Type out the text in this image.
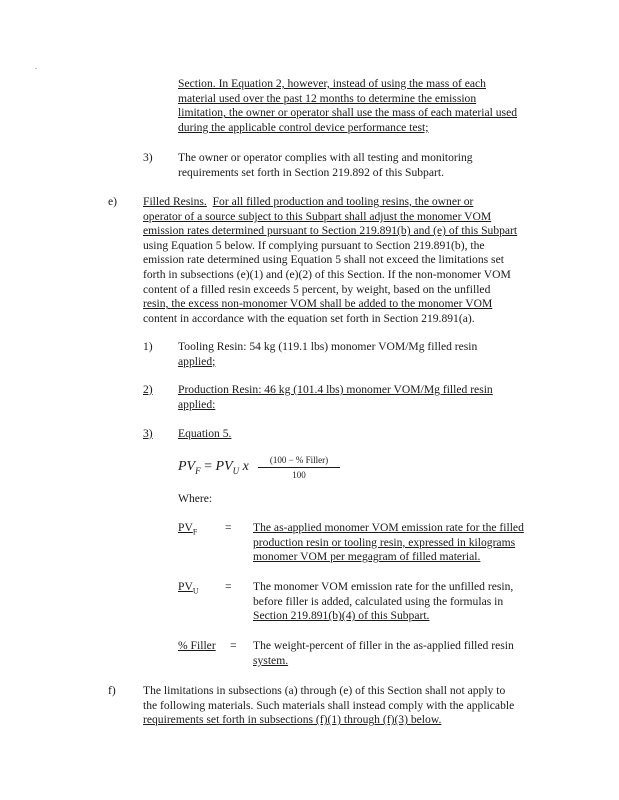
.
Section. In Equation 2, however, instead of using the mass of each
material used over the past 12 months to determine the emission
limitation, the owner or operator shall use the mass of each material used
during the applicable control device performance test;
3) The owner or operator complies with all testing and monitoring
requirements set forth in Section 219.892 of this Subpart.
e) Filled Resins. For all filled production and tooling resins, the owner or
operator of a source subject to this Subpart shall adjust the monomer VOM
emission rates determined pursuant to Section 219.891(b) and (e) of this Subpart
using Equation 5 below. If complying pursuant to Section 219.891(b), the
emission rate determined using Equation 5 shall not exceed the limitations set
forth in subsections (e)(1) and (e)(2) of this Section. If the non-monomer VOM
content of a filled resin exceeds 5 percent, by weight, based on the unfilled
resin, the excess non-monomer VOM shall be added to the monomer VOM
content in accordance with the equation set forth in Section 219.891(a).
1) Tooling Resin: 54 kg (119.1 lbs) monomer VOM/Mg filled resin
applied;
2) Production Resin: 46 kg (101.4 lbs) monomer VOM/Mg filled resin
applied:
3) Equation 5.
$PV_F = PV_U$ x	(100 − % Filler)
100
Where:
$PV_F$ = The as-applied monomer VOM emission rate for the filled
production resin or tooling resin, expressed in kilograms
monomer VOM per megagram of filled material.
$PV_U$ = The monomer VOM emission rate for the unfilled resin,
before filler is added, calculated using the formulas in
Section 219.891(b)(4) of this Subpart.
% Filler = The weight-percent of filler in the as-applied filled resin
system.
f) The limitations in subsections (a) through (e) of this Section shall not apply to
the following materials. Such materials shall instead comply with the applicable
requirements set forth in subsections (f)(1) through (f)(3) below.
